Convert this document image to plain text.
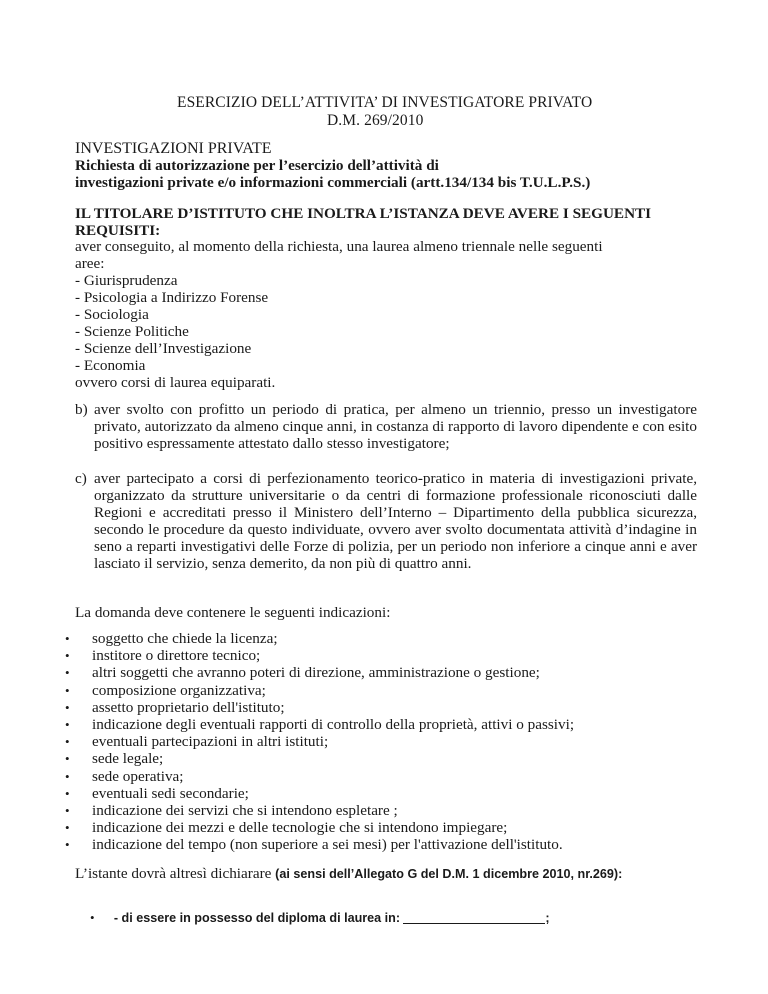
ESERCIZIO DELL’ATTIVITA’ DI INVESTIGATORE PRIVATO
D.M. 269/2010
INVESTIGAZIONI PRIVATE
Richiesta di autorizzazione per l’esercizio dell’attività di
investigazioni private e/o informazioni commerciali (artt.134/134 bis T.U.L.P.S.)
IL TITOLARE D’ISTITUTO CHE INOLTRA L’ISTANZA DEVE AVERE I SEGUENTI
REQUISITI:
aver conseguito, al momento della richiesta, una laurea almeno triennale nelle seguenti
aree:
- Giurisprudenza
- Psicologia a Indirizzo Forense
- Sociologia
- Scienze Politiche
- Scienze dell’Investigazione
- Economia
ovvero corsi di laurea equiparati.
b) aver svolto con profitto un periodo di pratica, per almeno un triennio, presso un investigatore privato, autorizzato da almeno cinque anni, in costanza di rapporto di lavoro dipendente e con esito positivo espressamente attestato dallo stesso investigatore;
c) aver partecipato a corsi di perfezionamento teorico-pratico in materia di investigazioni private, organizzato da strutture universitarie o da centri di formazione professionale riconosciuti dalle Regioni e accreditati presso il Ministero dell’Interno – Dipartimento della pubblica sicurezza, secondo le procedure da questo individuate, ovvero aver svolto documentata attività d’indagine in seno a reparti investigativi delle Forze di polizia, per un periodo non inferiore a cinque anni e aver lasciato il servizio, senza demerito, da non più di quattro anni.
La domanda deve contenere le seguenti indicazioni:
• soggetto che chiede la licenza;
• institore o direttore tecnico;
• altri soggetti che avranno poteri di direzione, amministrazione o gestione;
• composizione organizzativa;
• assetto proprietario dell'istituto;
• indicazione degli eventuali rapporti di controllo della proprietà, attivi o passivi;
• eventuali partecipazioni in altri istituti;
• sede legale;
• sede operativa;
• eventuali sedi secondarie;
• indicazione dei servizi che si intendono espletare ;
• indicazione dei mezzi e delle tecnologie che si intendono impiegare;
• indicazione del tempo (non superiore a sei mesi) per l'attivazione dell'istituto.
L’istante dovrà altresì dichiarare (ai sensi dell’Allegato G del D.M. 1 dicembre 2010, nr.269):
• - di essere in possesso del diploma di laurea in:	;
